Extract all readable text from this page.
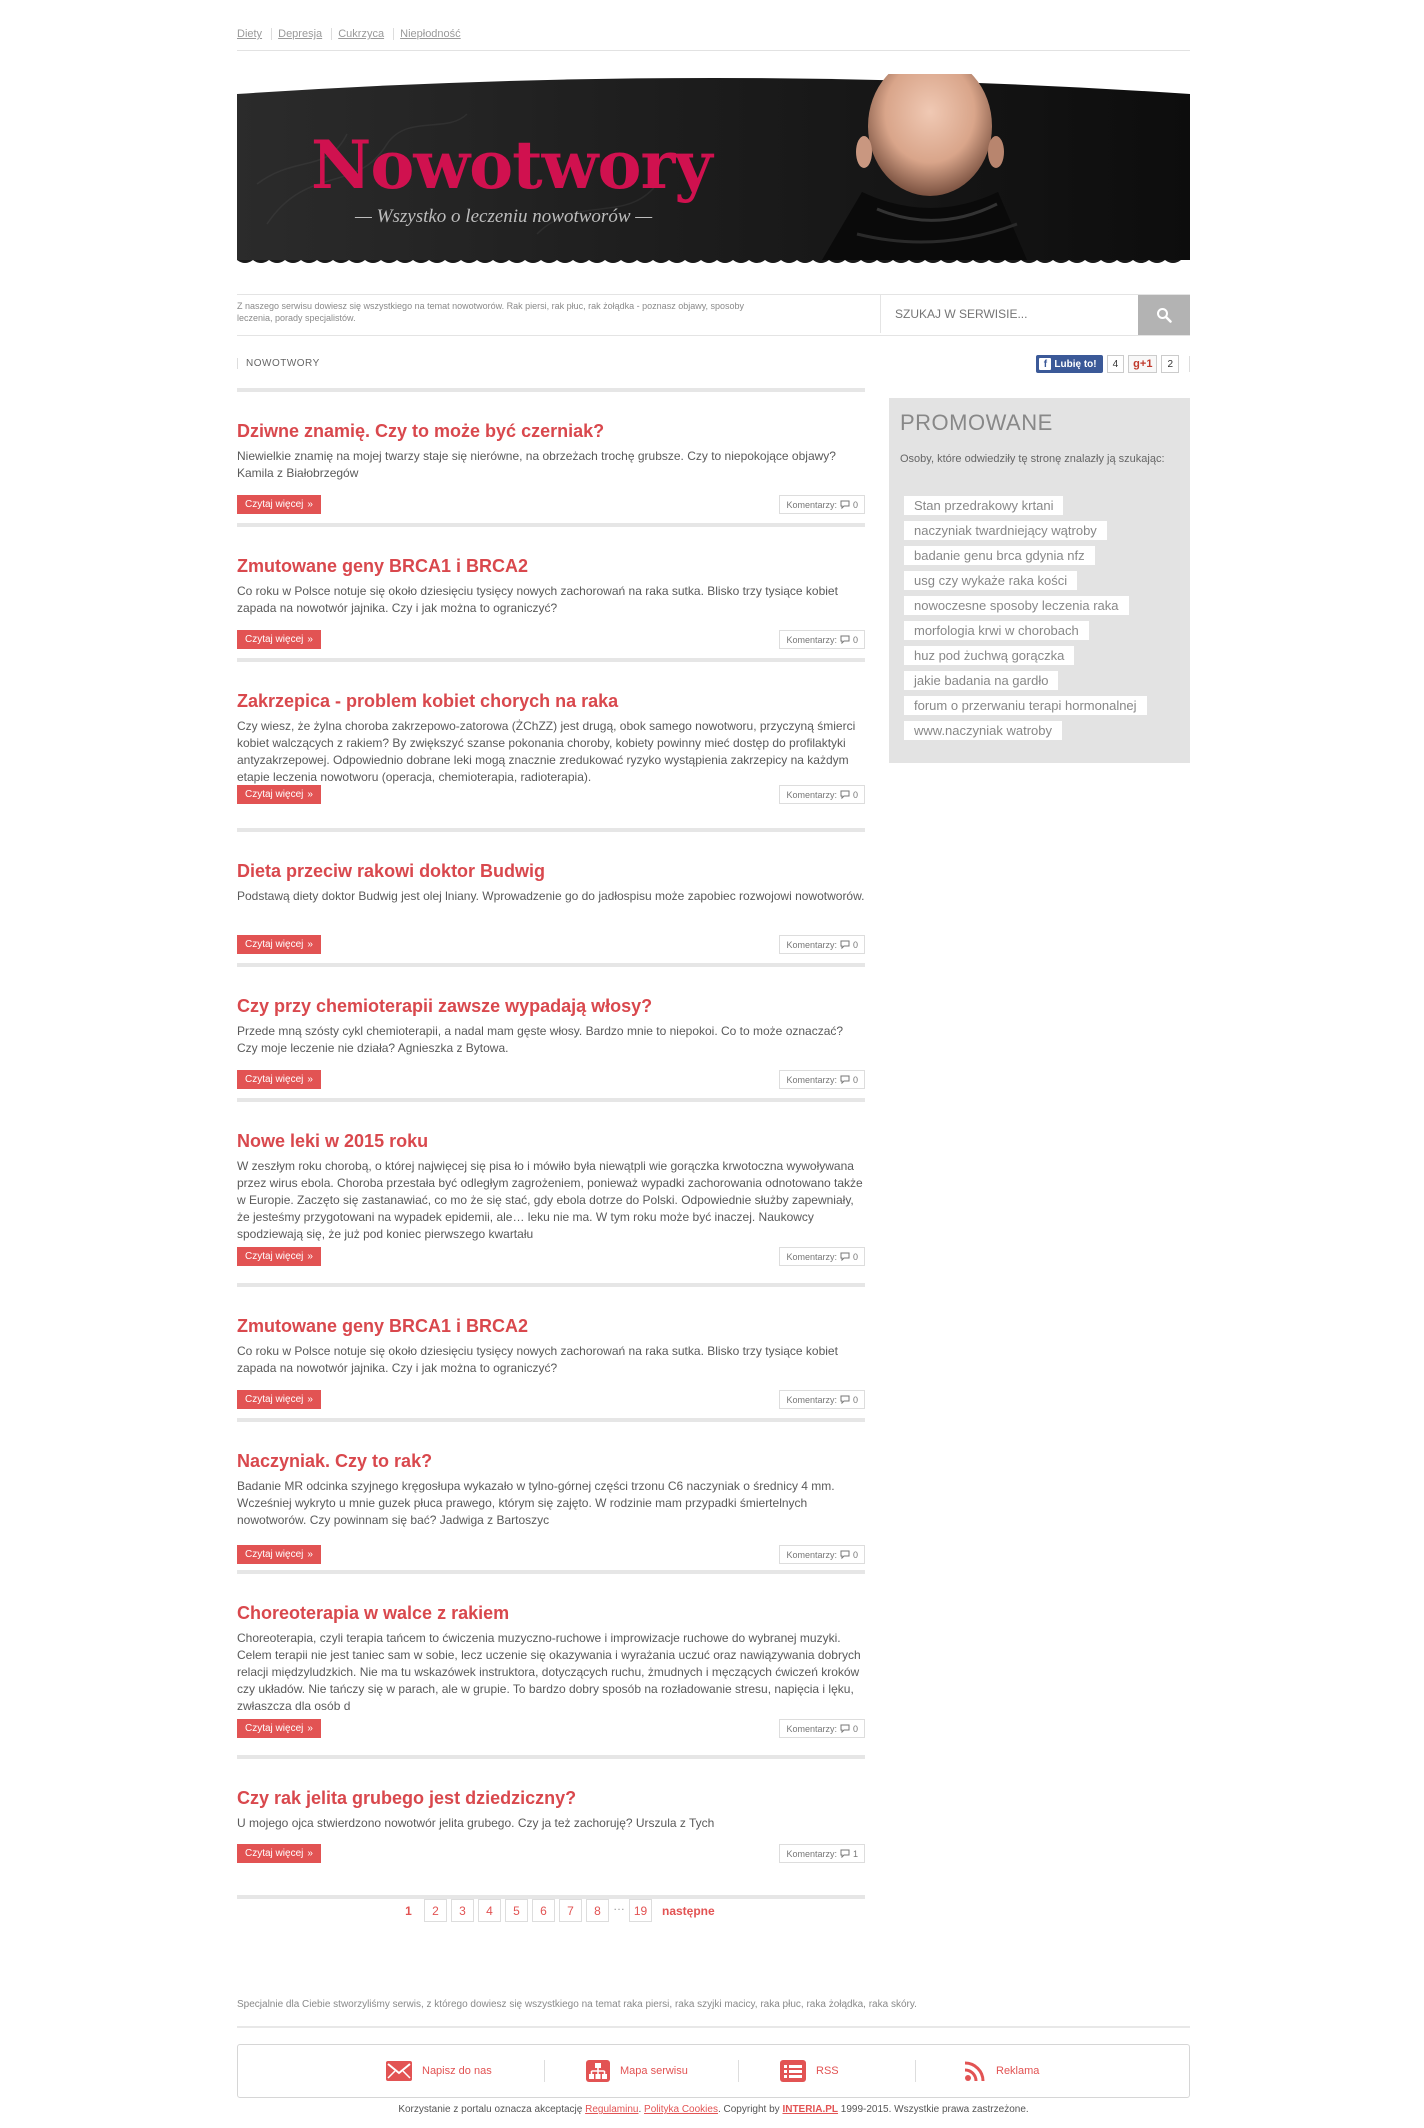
Diety Depresja Cukrzyca Niepłodność
Nowotwory
— Wszystko o leczeniu nowotworów —
Z naszego serwisu dowiesz się wszystkiego na temat nowotworów. Rak piersi, rak płuc, rak żołądka - poznasz objawy, sposoby leczenia, porady specjalistów.
SZUKAJ W SERWISIE...
NOWOTWORY	f Lubię to!	4	g +1	2
Dziwne znamię. Czy to może być czerniak?
Niewielkie znamię na mojej twarzy staje się nierówne, na obrzeżach trochę grubsze. Czy to niepokojące objawy? Kamila z Białobrzegów
Czytaj więcej »	Komentarzy: 0
Zmutowane geny BRCA1 i BRCA2
Co roku w Polsce notuje się około dziesięciu tysięcy nowych zachorowań na raka sutka. Blisko trzy tysiące kobiet zapada na nowotwór jajnika. Czy i jak można to ograniczyć?
Czytaj więcej »	Komentarzy: 0
Zakrzepica - problem kobiet chorych na raka
Czy wiesz, że żylna choroba zakrzepowo-zatorowa (ŻChZZ) jest drugą, obok samego nowotworu, przyczyną śmierci kobiet walczących z rakiem? By zwiększyć szanse pokonania choroby, kobiety powinny mieć dostęp do profilaktyki antyzakrzepowej. Odpowiednio dobrane leki mogą znacznie zredukować ryzyko wystąpienia zakrzepicy na każdym etapie leczenia nowotworu (operacja, chemioterapia, radioterapia).
Czytaj więcej »	Komentarzy: 0
Dieta przeciw rakowi doktor Budwig
Podstawą diety doktor Budwig jest olej lniany. Wprowadzenie go do jadłospisu może zapobiec rozwojowi nowotworów.
Czytaj więcej »	Komentarzy: 0
Czy przy chemioterapii zawsze wypadają włosy?
Przede mną szósty cykl chemioterapii, a nadal mam gęste włosy. Bardzo mnie to niepokoi. Co to może oznaczać? Czy moje leczenie nie działa? Agnieszka z Bytowa.
Czytaj więcej »	Komentarzy: 0
Nowe leki w 2015 roku
W zeszłym roku chorobą, o której najwięcej się pisa ło i mówiło była niewątpli wie gorączka krwotoczna wywoływana przez wirus ebola. Choroba przestała być odległym zagrożeniem, ponieważ wypadki zachorowania odnotowano także w Europie. Zaczęto się zastanawiać, co mo że się stać, gdy ebola dotrze do Polski. Odpowiednie służby zapewniały, że jesteśmy przygotowani na wypadek epidemii, ale… leku nie ma. W tym roku może być inaczej. Naukowcy spodziewają się, że już pod koniec pierwszego kwartału
Czytaj więcej »	Komentarzy: 0
Zmutowane geny BRCA1 i BRCA2
Co roku w Polsce notuje się około dziesięciu tysięcy nowych zachorowań na raka sutka. Blisko trzy tysiące kobiet zapada na nowotwór jajnika. Czy i jak można to ograniczyć?
Czytaj więcej »	Komentarzy: 0
Naczyniak. Czy to rak?
Badanie MR odcinka szyjnego kręgosłupa wykazało w tylno-górnej części trzonu C6 naczyniak o średnicy 4 mm. Wcześniej wykryto u mnie guzek płuca prawego, którym się zajęto. W rodzinie mam przypadki śmiertelnych nowotworów. Czy powinnam się bać? Jadwiga z Bartoszyc
Czytaj więcej »	Komentarzy: 0
Choreoterapia w walce z rakiem
Choreoterapia, czyli terapia tańcem to ćwiczenia muzyczno-ruchowe i improwizacje ruchowe do wybranej muzyki. Celem terapii nie jest taniec sam w sobie, lecz uczenie się okazywania i wyrażania uczuć oraz nawiązywania dobrych relacji międzyludzkich. Nie ma tu wskazówek instruktora, dotyczących ruchu, żmudnych i męczących ćwiczeń kroków czy układów. Nie tańczy się w parach, ale w grupie. To bardzo dobry sposób na rozładowanie stresu, napięcia i lęku, zwłaszcza dla osób d
Czytaj więcej »	Komentarzy: 0
Czy rak jelita grubego jest dziedziczny?
U mojego ojca stwierdzono nowotwór jelita grubego. Czy ja też zachoruję? Urszula z Tych
Czytaj więcej »	Komentarzy: 1
1	2	3	4	5	6	7	8	… 19	następne
PROMOWANE
Osoby, które odwiedziły tę stronę znalazły ją szukając:
Stan przedrakowy krtani
naczyniak twardniejący wątroby
badanie genu brca gdynia nfz
usg czy wykaże raka kości
nowoczesne sposoby leczenia raka
morfologia krwi w chorobach
huz pod żuchwą gorączka
jakie badania na gardło
forum o przerwaniu terapi hormonalnej
www.naczyniak watroby
Specjalnie dla Ciebie stworzyliśmy serwis, z którego dowiesz się wszystkiego na temat raka piersi, raka szyjki macicy, raka płuc, raka żołądka, raka skóry.
Napisz do nas	Mapa serwisu	RSS	Reklama
Korzystanie z portalu oznacza akceptację Regulaminu. Polityka Cookies. Copyright by INTERIA.PL 1999-2015. Wszystkie prawa zastrzeżone.
